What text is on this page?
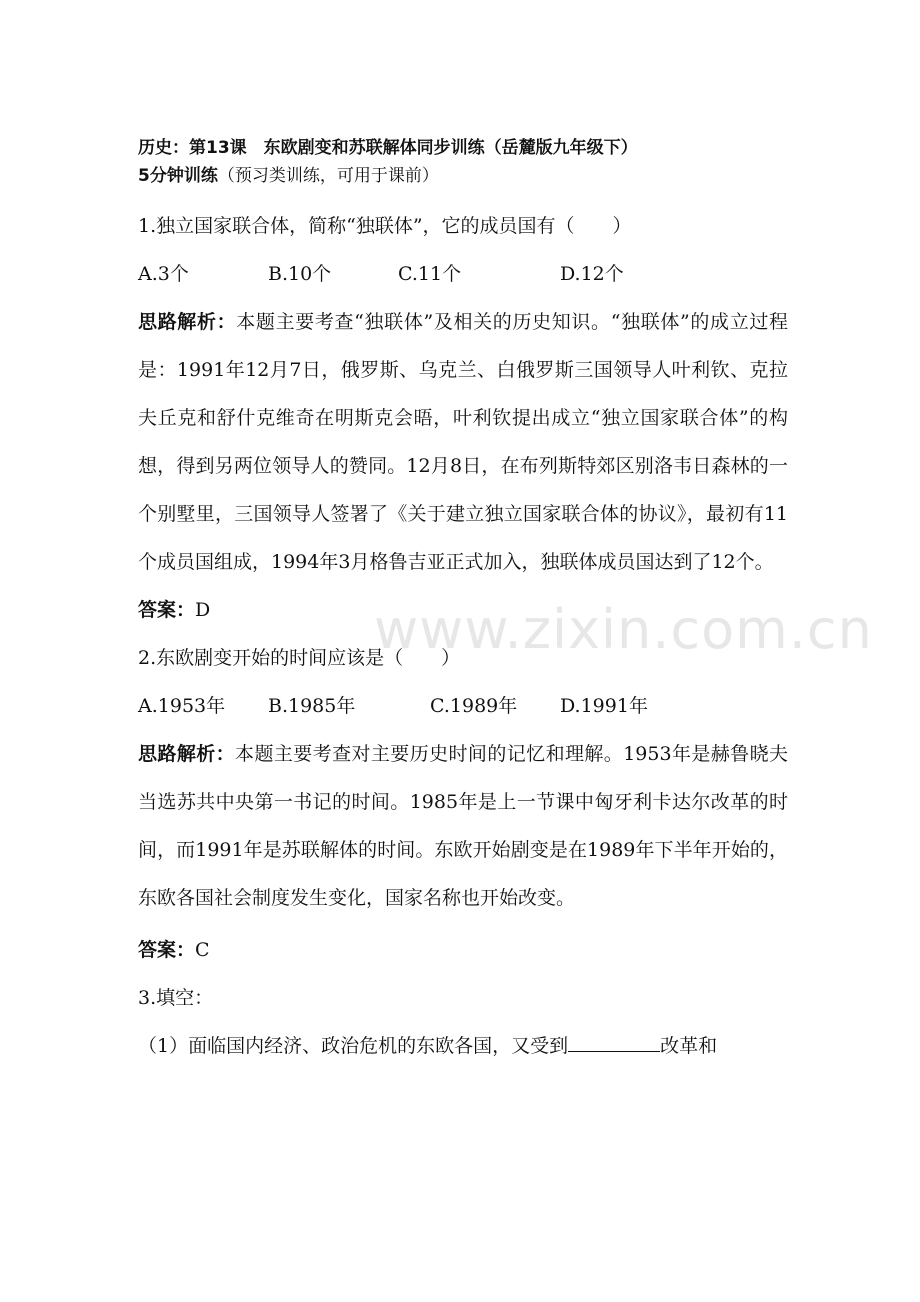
www.zixin.com.cn

历史：第13课　东欧剧变和苏联解体同步训练（岳麓版九年级下）

5分钟训练（预习类训练，可用于课前）

1.独立国家联合体，简称“独联体”，它的成员国有（　　）

A.3个	B.10个	C.11个	D.12个

思路解析：本题主要考查“独联体”及相关的历史知识。“独联体”的成立过程是：1991年12月7日，俄罗斯、乌克兰、白俄罗斯三国领导人叶利钦、克拉夫丘克和舒什克维奇在明斯克会晤，叶利钦提出成立“独立国家联合体”的构想，得到另两位领导人的赞同。12月8日，在布列斯特郊区别洛韦日森林的一个别墅里，三国领导人签署了《关于建立独立国家联合体的协议》，最初有11个成员国组成，1994年3月格鲁吉亚正式加入，独联体成员国达到了12个。

答案：D

2.东欧剧变开始的时间应该是（　　）

A.1953年	B.1985年	C.1989年	D.1991年

思路解析：本题主要考查对主要历史时间的记忆和理解。1953年是赫鲁晓夫当选苏共中央第一书记的时间。1985年是上一节课中匈牙利卡达尔改革的时间，而1991年是苏联解体的时间。东欧开始剧变是在1989年下半年开始的，东欧各国社会制度发生变化，国家名称也开始改变。

答案：C

3.填空：

（1）面临国内经济、政治危机的东欧各国，又受到	改革和
